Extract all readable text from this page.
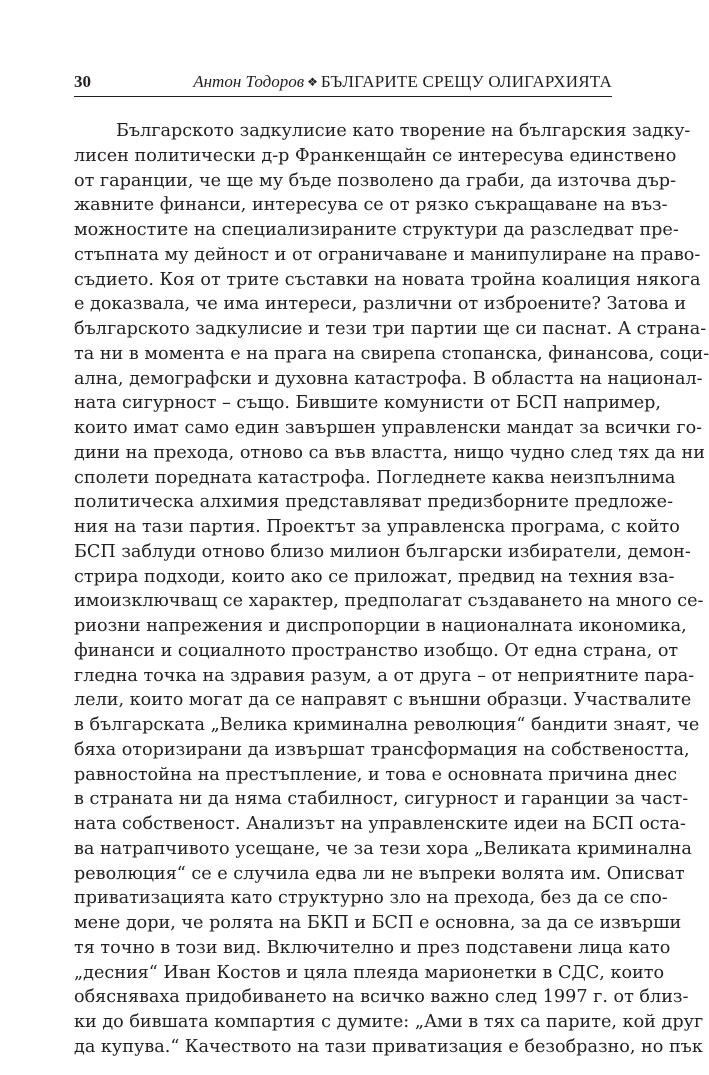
30	Антон Тодоров ❖ БЪЛГАРИТЕ СРЕЩУ ОЛИГАРХИЯТА
Българското задкулисие като творение на българския задку-
лисен политически д-р Франкенщайн се интересува единствено
от гаранции, че ще му бъде позволено да граби, да източва дър-
жавните финанси, интересува се от рязко съкращаване на въз-
можностите на специализираните структури да разследват пре-
стъпната му дейност и от ограничаване и манипулиране на право-
съдието. Коя от трите съставки на новата тройна коалиция някога
е доказвала, че има интереси, различни от изброените? Затова и
българското задкулисие и тези три партии ще си паснат. А страна-
та ни в момента е на прага на свирепа стопанска, финансова, соци-
ална, демографски и духовна катастрофа. В областта на национал-
ната сигурност – също. Бившите комунисти от БСП например,
които имат само един завършен управленски мандат за всички го-
дини на прехода, отново са във властта, нищо чудно след тях да ни
сполети поредната катастрофа. Погледнете каква неизпълнима
политическа алхимия представляват предизборните предложе-
ния на тази партия. Проектът за управленска програма, с който
БСП заблуди отново близо милион български избиратели, демон-
стрира подходи, които ако се приложат, предвид на техния вза-
имоизключващ се характер, предполагат създаването на много се-
риозни напрежения и диспропорции в националната икономика,
финанси и социалното пространство изобщо. От една страна, от
гледна точка на здравия разум, а от друга – от неприятните пара-
лели, които могат да се направят с външни образци. Участвалите
в българската „Велика криминална революция“ бандити знаят, че
бяха оторизирани да извършат трансформация на собствеността,
равностойна на престъпление, и това е основната причина днес
в страната ни да няма стабилност, сигурност и гаранции за част-
ната собственост. Анализът на управленските идеи на БСП оста-
ва натрапчивото усещане, че за тези хора „Великата криминална
революция“ се е случила едва ли не въпреки волята им. Описват
приватизацията като структурно зло на прехода, без да се спо-
мене дори, че ролята на БКП и БСП е основна, за да се извърши
тя точно в този вид. Включително и през подставени лица като
„десния“ Иван Костов и цяла плеяда марионетки в СДС, които
обясняваха придобиването на всичко важно след 1997 г. от близ-
ки до бившата компартия с думите: „Ами в тях са парите, кой друг
да купува.“ Качеството на тази приватизация е безобразно, но пък
